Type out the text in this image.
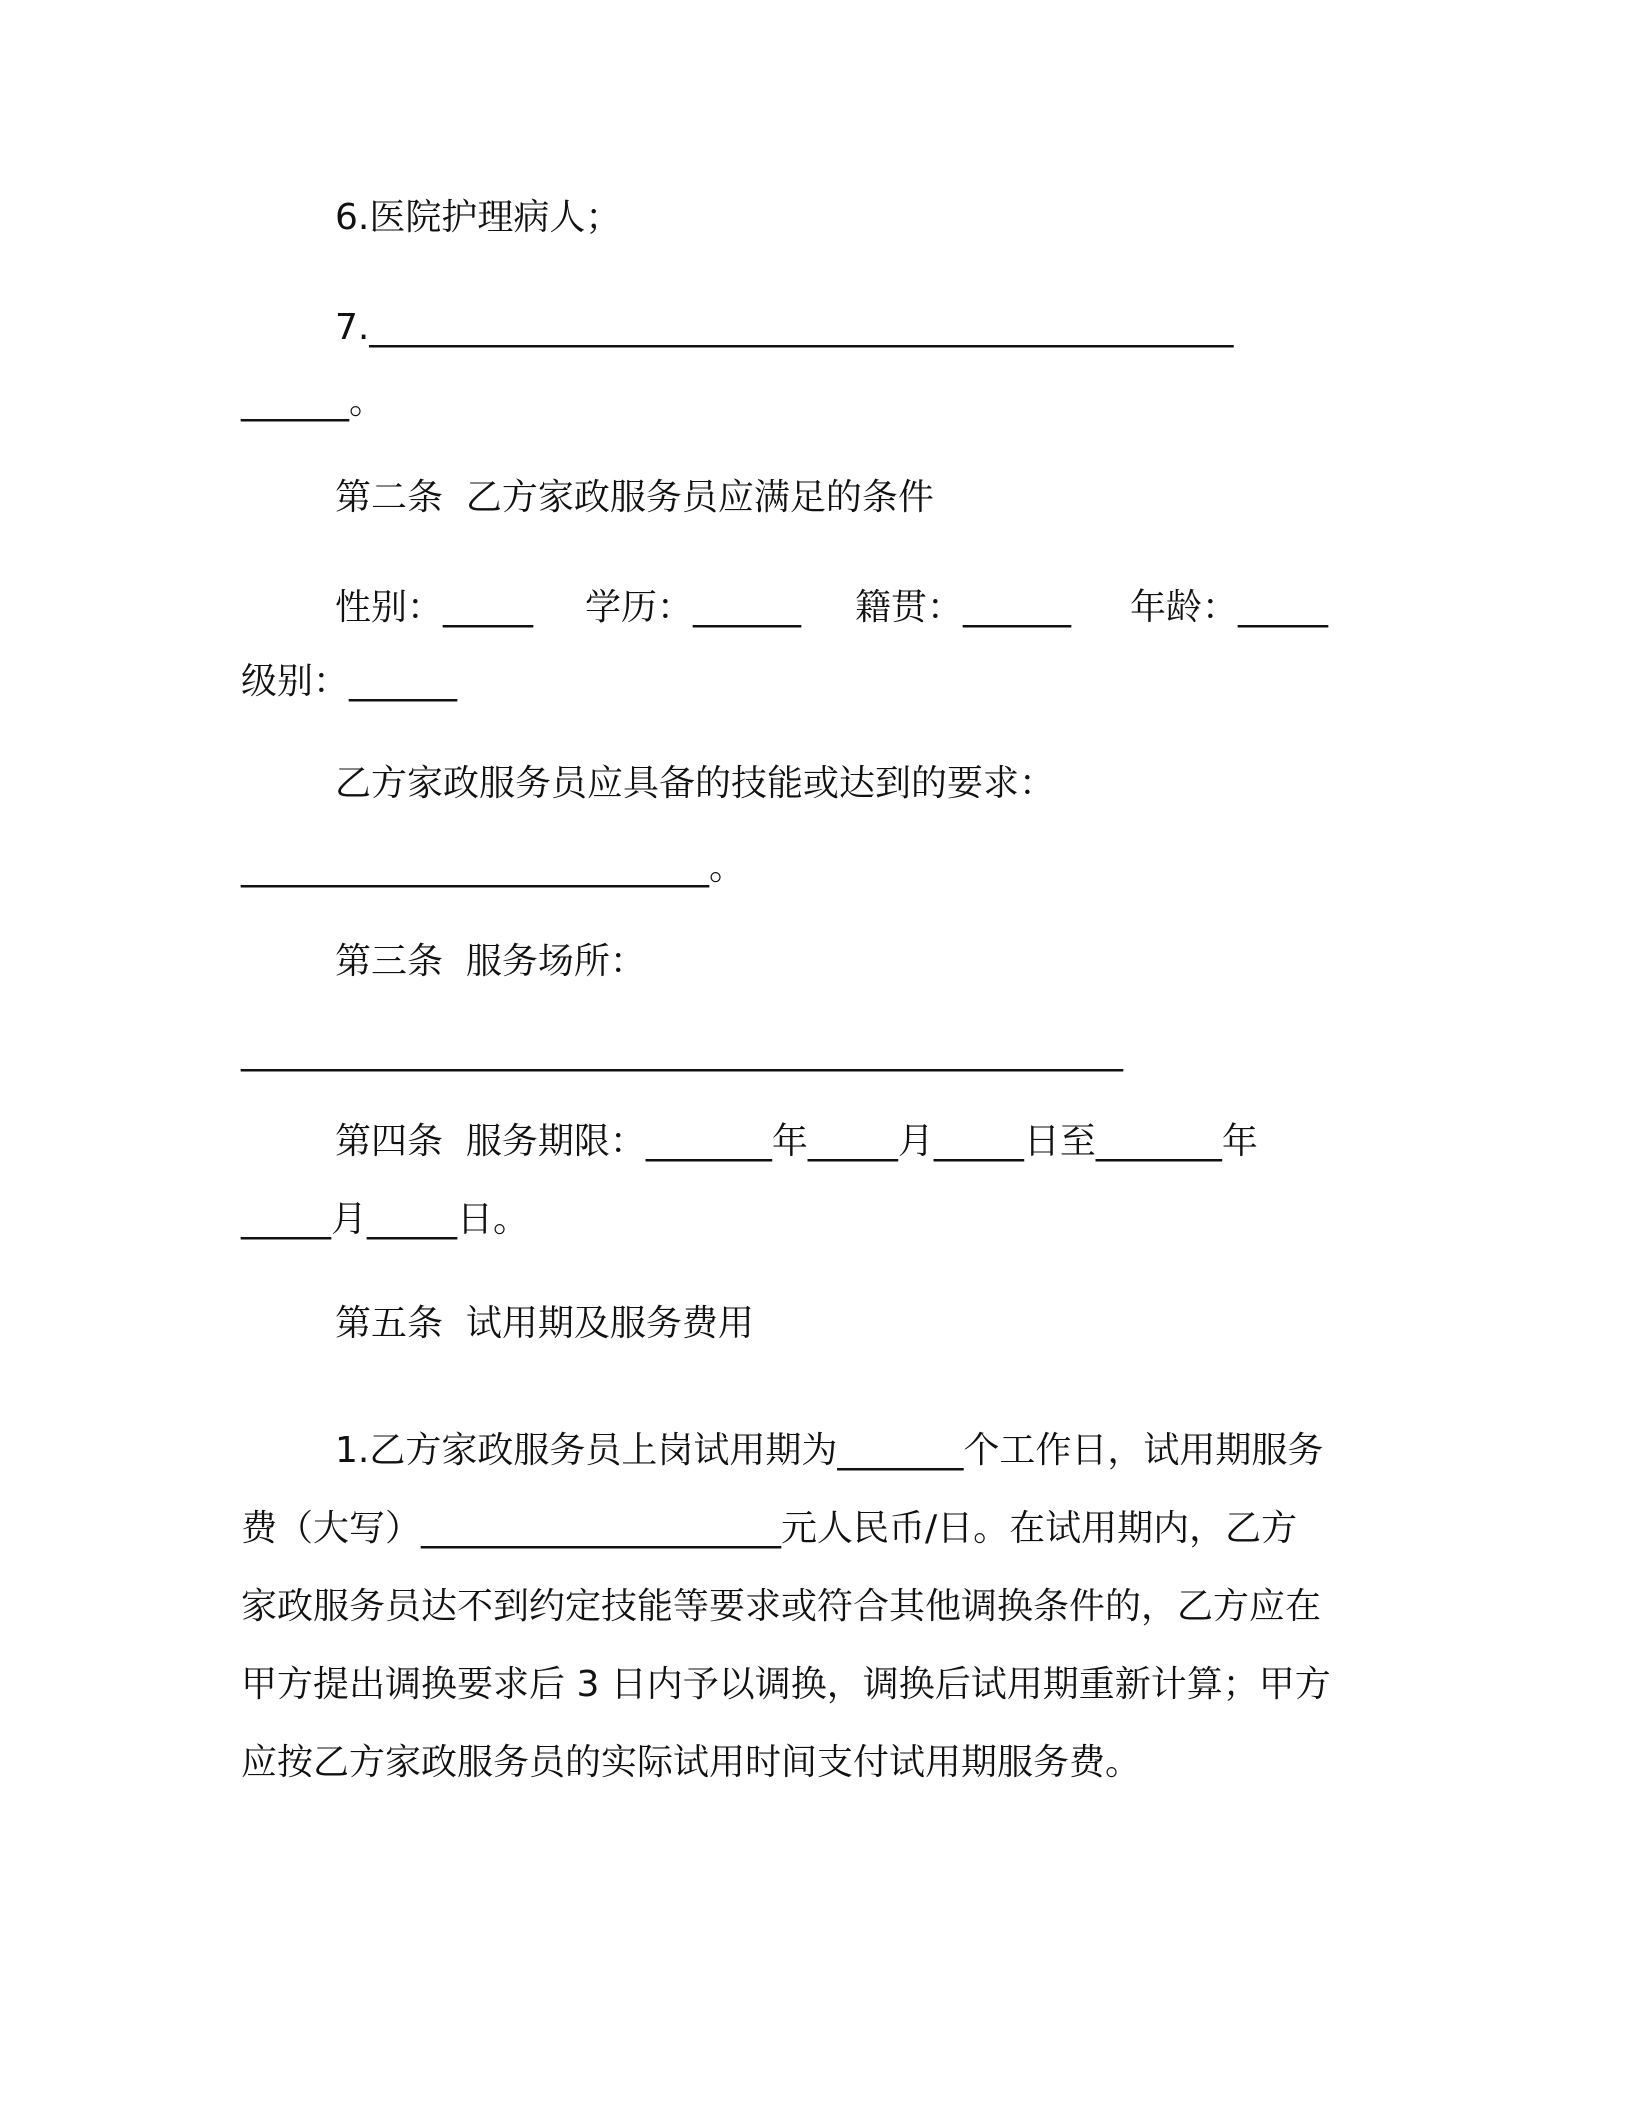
6.医院护理病人；
7.________________________________________________
______。
第二条  乙方家政服务员应满足的条件
性别：_____ 学历：______ 籍贯：______ 年龄：_____
级别：______
乙方家政服务员应具备的技能或达到的要求：
__________________________。
第三条  服务场所：
_________________________________________________
第四条  服务期限：_______年_____月_____日至_______年
_____月_____日。
第五条  试用期及服务费用
1.乙方家政服务员上岗试用期为_______个工作日，试用期服务
费（大写）____________________元人民币/日。在试用期内，乙方
家政服务员达不到约定技能等要求或符合其他调换条件的，乙方应在
甲方提出调换要求后 3 日内予以调换，调换后试用期重新计算；甲方
应按乙方家政服务员的实际试用时间支付试用期服务费。
